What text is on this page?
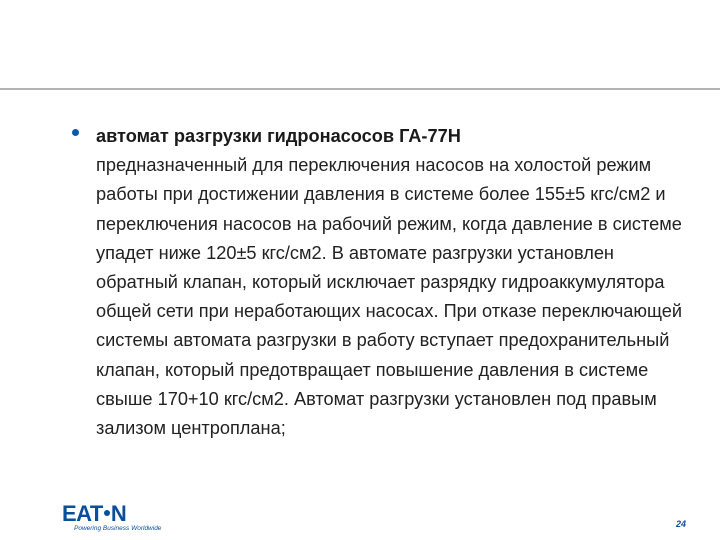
автомат разгрузки гидронасосов ГА-77Н
предназначенный для переключения насосов на холостой режим работы при достижении давления в системе более 155±5 кгс/см2 и переключения насосов на рабочий режим, когда давление в системе упадет ниже 120±5 кгс/см2. В автомате разгрузки установлен обратный клапан, который исключает разрядку гидроаккумулятора общей сети при неработающих насосах. При отказе переключающей системы автомата разгрузки в работу вступает предохранительный клапан, который предотвращает повышение давления в системе свыше 170+10 кгс/см2. Автомат разгрузки установлен под правым зализом центроплана;
EAT N
Powering Business Worldwide	24
